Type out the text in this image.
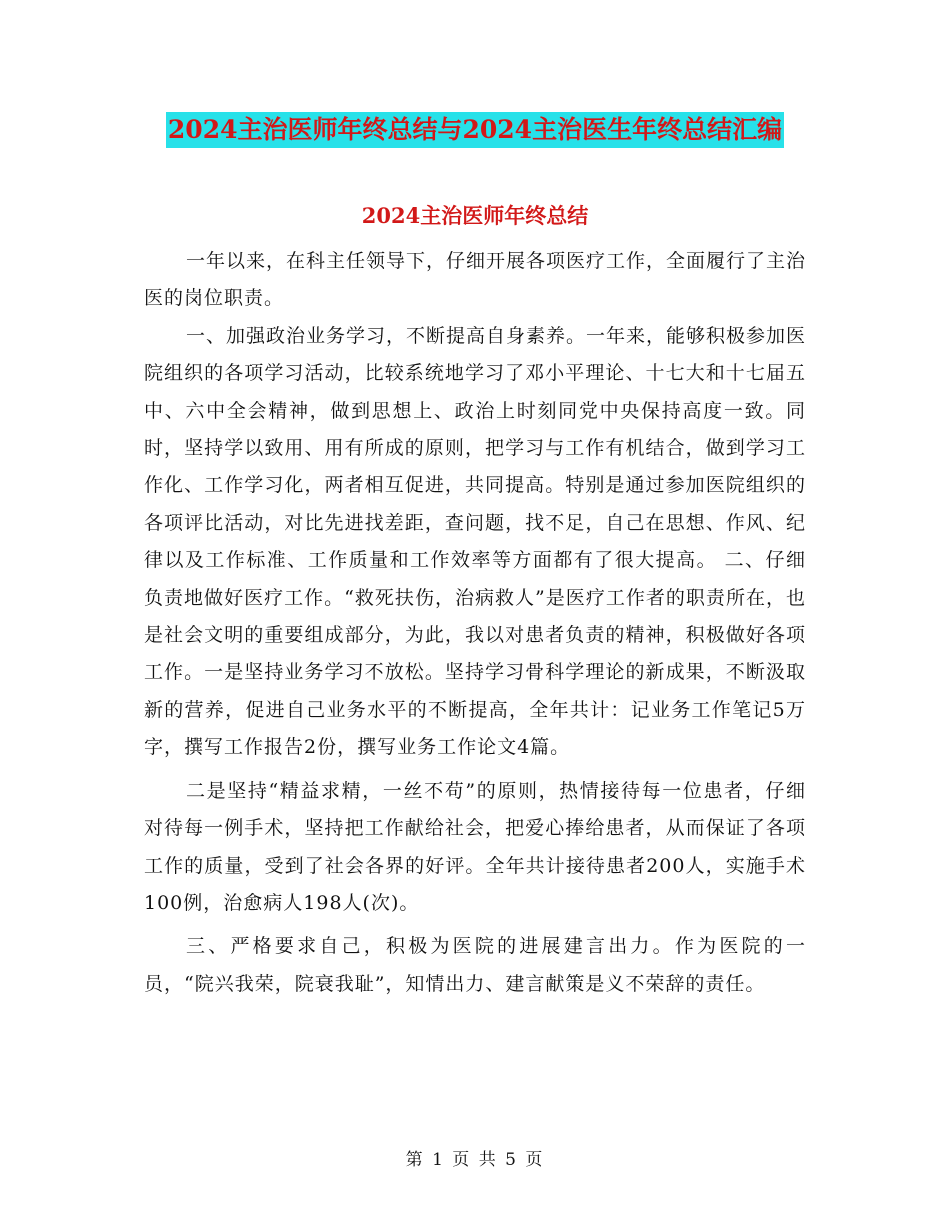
2024主治医师年终总结与2024主治医生年终总结汇编
2024主治医师年终总结

一年以来，在科主任领导下，仔细开展各项医疗工作，全面履行了主治医的岗位职责。

一、加强政治业务学习，不断提高自身素养。一年来，能够积极参加医院组织的各项学习活动，比较系统地学习了邓小平理论、十七大和十七届五中、六中全会精神，做到思想上、政治上时刻同党中央保持高度一致。同时，坚持学以致用、用有所成的原则，把学习与工作有机结合，做到学习工作化、工作学习化，两者相互促进，共同提高。特别是通过参加医院组织的各项评比活动，对比先进找差距，查问题，找不足，自己在思想、作风、纪律以及工作标准、工作质量和工作效率等方面都有了很大提高。 二、仔细负责地做好医疗工作。“救死扶伤，治病救人”是医疗工作者的职责所在，也是社会文明的重要组成部分，为此，我以对患者负责的精神，积极做好各项工作。一是坚持业务学习不放松。坚持学习骨科学理论的新成果，不断汲取新的营养，促进自己业务水平的不断提高，全年共计：记业务工作笔记5万字，撰写工作报告2份，撰写业务工作论文4篇。

二是坚持“精益求精，一丝不苟”的原则，热情接待每一位患者，仔细对待每一例手术，坚持把工作献给社会，把爱心捧给患者，从而保证了各项工作的质量，受到了社会各界的好评。全年共计接待患者200人，实施手术100例，治愈病人198人(次)。

三、严格要求自己，积极为医院的进展建言出力。作为医院的一员，“院兴我荣，院衰我耻”，知情出力、建言献策是义不荣辞的责任。

第 1 页 共 5 页
